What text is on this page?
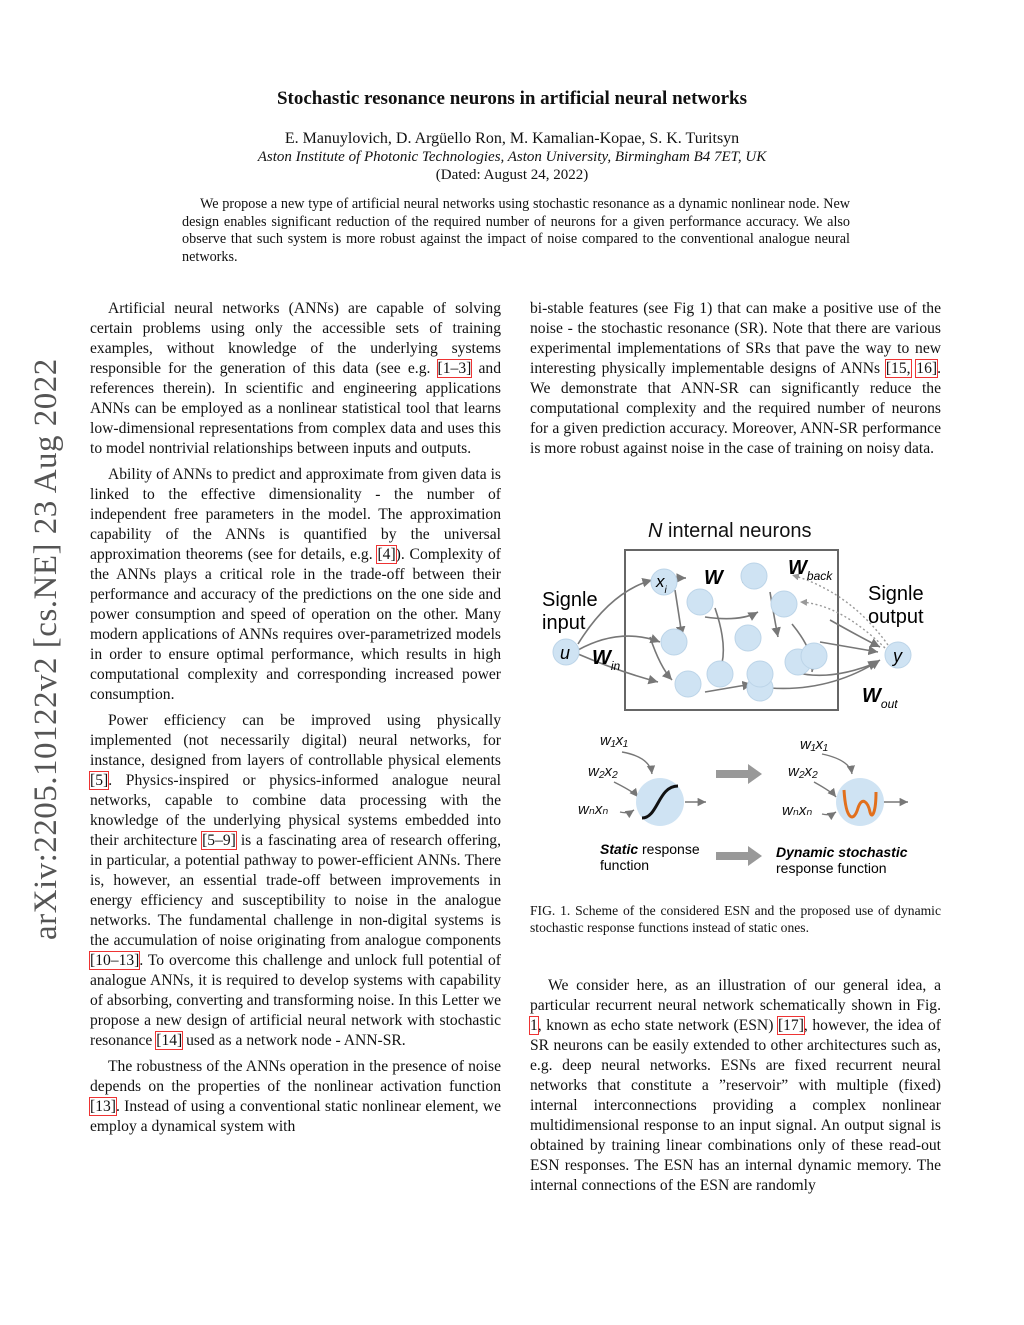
arXiv:2205.10122v2 [cs.NE] 23 Aug 2022
Stochastic resonance neurons in artificial neural networks
E. Manuylovich, D. Argüello Ron, M. Kamalian-Kopae, S. K. Turitsyn
Aston Institute of Photonic Technologies, Aston University, Birmingham B4 7ET, UK
(Dated: August 24, 2022)
We propose a new type of artificial neural networks using stochastic resonance as a dynamic nonlinear node. New design enables significant reduction of the required number of neurons for a given performance accuracy. We also observe that such system is more robust against the impact of noise compared to the conventional analogue neural networks.

Artificial neural networks (ANNs) are capable of solving certain problems using only the accessible sets of training examples, without knowledge of the underlying systems responsible for the generation of this data (see e.g. [1–3] and references therein). In scientific and engineering applications ANNs can be employed as a nonlinear statistical tool that learns low-dimensional representations from complex data and uses this to model nontrivial relationships between inputs and outputs.

Ability of ANNs to predict and approximate from given data is linked to the effective dimensionality - the number of independent free parameters in the model. The approximation capability of the ANNs is quantified by the universal approximation theorems (see for details, e.g. [4]). Complexity of the ANNs plays a critical role in the trade-off between their performance and accuracy of the predictions on the one side and power consumption and speed of operation on the other. Many modern applications of ANNs requires over-parametrized models in order to ensure optimal performance, which results in high computational complexity and corresponding increased power consumption.

Power efficiency can be improved using physically implemented (not necessarily digital) neural networks, for instance, designed from layers of controllable physical elements [5]. Physics-inspired or physics-informed analogue neural networks, capable to combine data processing with the knowledge of the underlying physical systems embedded into their architecture [5–9] is a fascinating area of research offering, in particular, a potential pathway to power-efficient ANNs. There is, however, an essential trade-off between improvements in energy efficiency and susceptibility to noise in the analogue networks. The fundamental challenge in non-digital systems is the accumulation of noise originating from analogue components [10–13]. To overcome this challenge and unlock full potential of analogue ANNs, it is required to develop systems with capability of absorbing, converting and transforming noise. In this Letter we propose a new design of artificial neural network with stochastic resonance [14] used as a network node - ANN-SR.

The robustness of the ANNs operation in the presence of noise depends on the properties of the nonlinear activation function [13]. Instead of using a conventional static nonlinear element, we employ a dynamical system with

bi-stable features (see Fig 1) that can make a positive use of the noise - the stochastic resonance (SR). Note that there are various experimental implementations of SRs that pave the way to new interesting physically implementable designs of ANNs [15, 16]. We demonstrate that ANN-SR can significantly reduce the computational complexity and the required number of neurons for a given prediction accuracy. Moreover, ANN-SR performance is more robust against noise in the case of training on noisy data.

N internal neurons
Signle
input
Signle
output
u	y
$x_i$
W	$W_{back}$
$W_{in}$
$W_{out}$
w₁x₁
w₂x₂
wₙxₙ
w₁x₁
w₂x₂
wₙxₙ
Static response
function
Dynamic stochastic
response function
FIG. 1. Scheme of the considered ESN and the proposed use of dynamic stochastic response functions instead of static ones.

We consider here, as an illustration of our general idea, a particular recurrent neural network schematically shown in Fig. 1, known as echo state network (ESN) [17], however, the idea of SR neurons can be easily extended to other architectures such as, e.g. deep neural networks. ESNs are fixed recurrent neural networks that constitute a ”reservoir” with multiple (fixed) internal interconnections providing a complex nonlinear multidimensional response to an input signal. An output signal is obtained by training linear combinations only of these read-out ESN responses. The ESN has an internal dynamic memory. The internal connections of the ESN are randomly
